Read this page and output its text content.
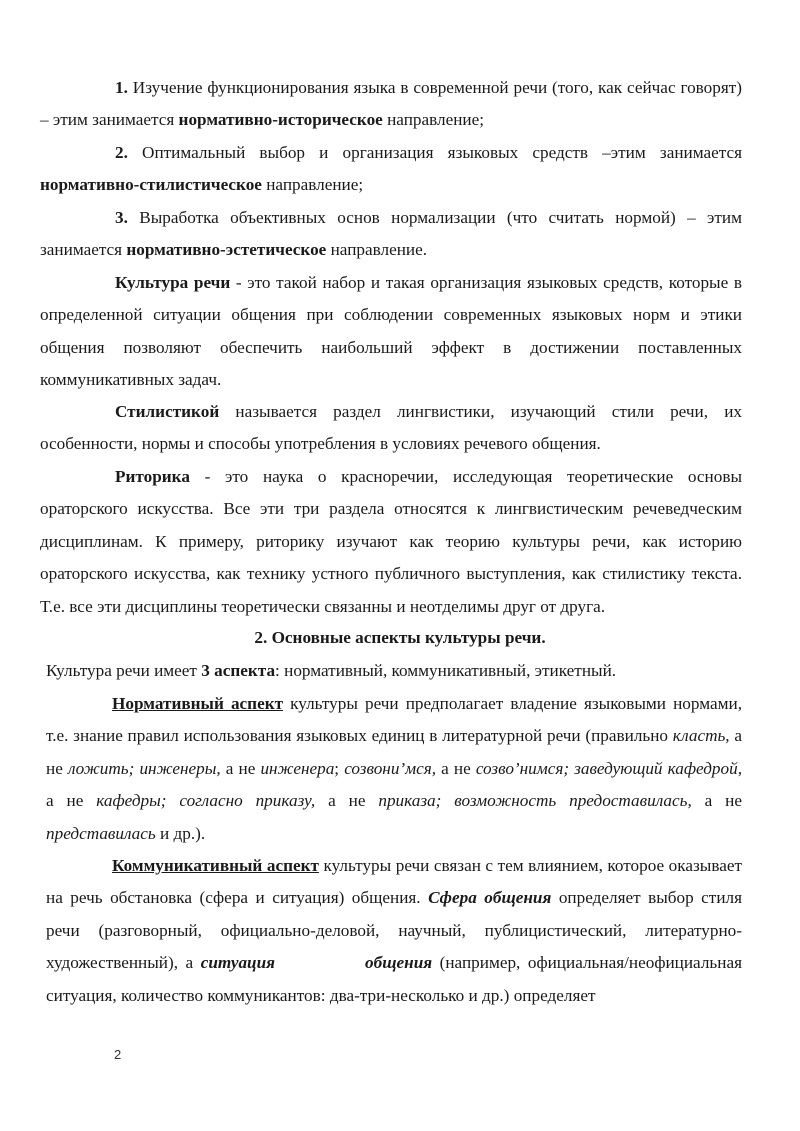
1. Изучение функционирования языка в современной речи (того, как сейчас говорят) – этим занимается нормативно-историческое направление;

2. Оптимальный выбор и организация языковых средств –этим занимается нормативно-стилистическое направление;

3. Выработка объективных основ нормализации (что считать нормой) – этим занимается нормативно-эстетическое направление.

Культура речи - это такой набор и такая организация языковых средств, которые в определенной ситуации общения при соблюдении современных языковых норм и этики общения позволяют обеспечить наибольший эффект в достижении поставленных коммуникативных задач.

Стилистикой называется раздел лингвистики, изучающий стили речи, их особенности, нормы и способы употребления в условиях речевого общения.

Риторика - это наука о красноречии, исследующая теоретические основы ораторского искусства. Все эти три раздела относятся к лингвистическим речеведческим дисциплинам. К примеру, риторику изучают как теорию культуры речи, как историю ораторского искусства, как технику устного публичного выступления, как стилистику текста. Т.е. все эти дисциплины теоретически связанны и неотделимы друг от друга.

2. Основные аспекты культуры речи.

Культура речи имеет 3 аспекта: нормативный, коммуникативный, этикетный.

Нормативный аспект культуры речи предполагает владение языковыми нормами, т.е. знание правил использования языковых единиц в литературной речи (правильно класть, а не ложить; инженеры, а не инженера; созвони’мся, а не созво’нимся; заведующий кафедрой, а не кафедры; согласно приказу, а не приказа; возможность предоставилась, а не представилась и др.).

Коммуникативный аспект культуры речи связан с тем влиянием, которое оказывает на речь обстановка (сфера и ситуация) общения. Сфера общения определяет выбор стиля речи (разговорный, официально-деловой, научный, публицистический, литературно-художественный), а ситуация	общения (например, официальная/неофициальная ситуация, количество коммуникантов: два-три-несколько и др.) определяет

2
